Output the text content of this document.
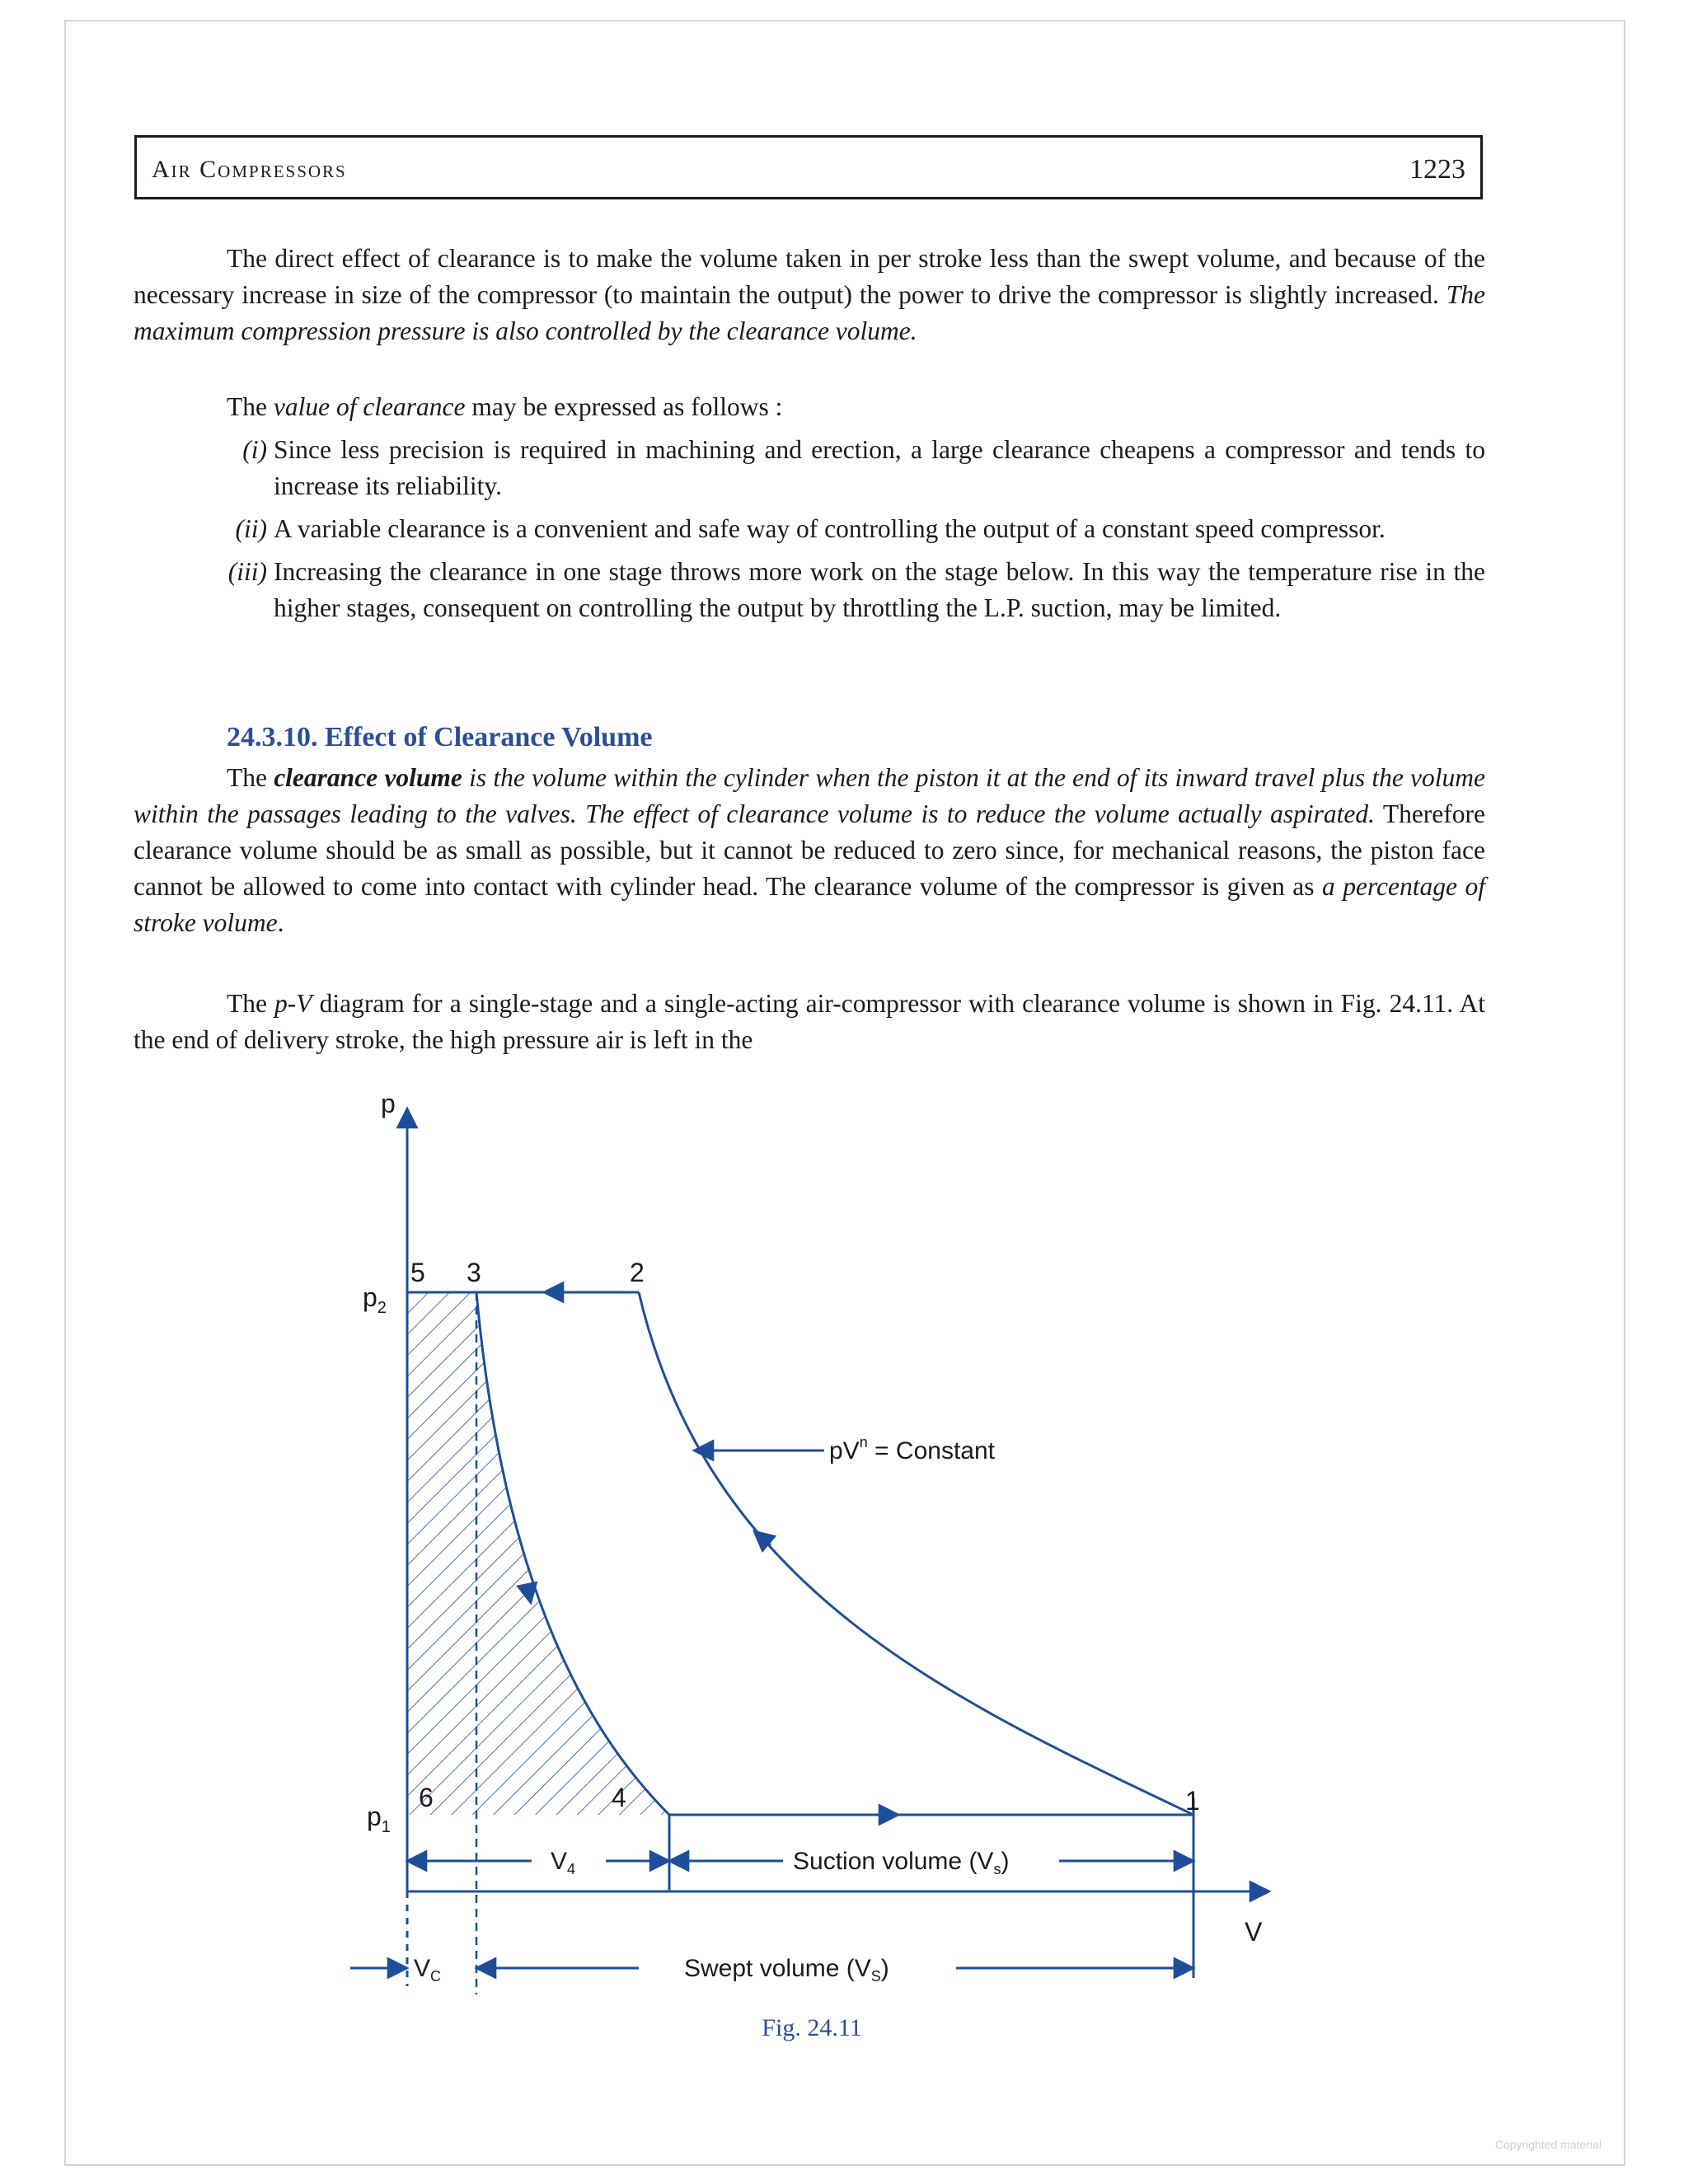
Air Compressors	1223

The direct effect of clearance is to make the volume taken in per stroke less than the swept volume, and because of the necessary increase in size of the compressor (to maintain the output) the power to drive the compressor is slightly increased. The maximum compression pressure is also controlled by the clearance volume.

The value of clearance may be expressed as follows :

(i) Since less precision is required in machining and erection, a large clearance cheapens a compressor and tends to increase its reliability.
(ii) A variable clearance is a convenient and safe way of controlling the output of a constant speed compressor.
(iii) Increasing the clearance in one stage throws more work on the stage below. In this way the temperature rise in the higher stages, consequent on controlling the output by throttling the L.P. suction, may be limited.
24.3.10. Effect of Clearance Volume

The clearance volume is the volume within the cylinder when the piston it at the end of its inward travel plus the volume within the passages leading to the valves. The effect of clearance volume is to reduce the volume actually aspirated. Therefore clearance volume should be as small as possible, but it cannot be reduced to zero since, for mechanical reasons, the piston face cannot be allowed to come into contact with cylinder head. The clearance volume of the compressor is given as a percentage of stroke volume.

The p-V diagram for a single-stage and a single-acting air-compressor with clearance volume is shown in Fig. 24.11. At the end of delivery stroke, the high pressure air is left in the

p
V
$p_2$
$p_1$
5 3	2
6	4	1
$pV^n$ = Constant
$V_4$	Suction volume $(V_s)$
$V_C$	Swept volume $(V_S)$
Fig. 24.11
Copyrighted material
